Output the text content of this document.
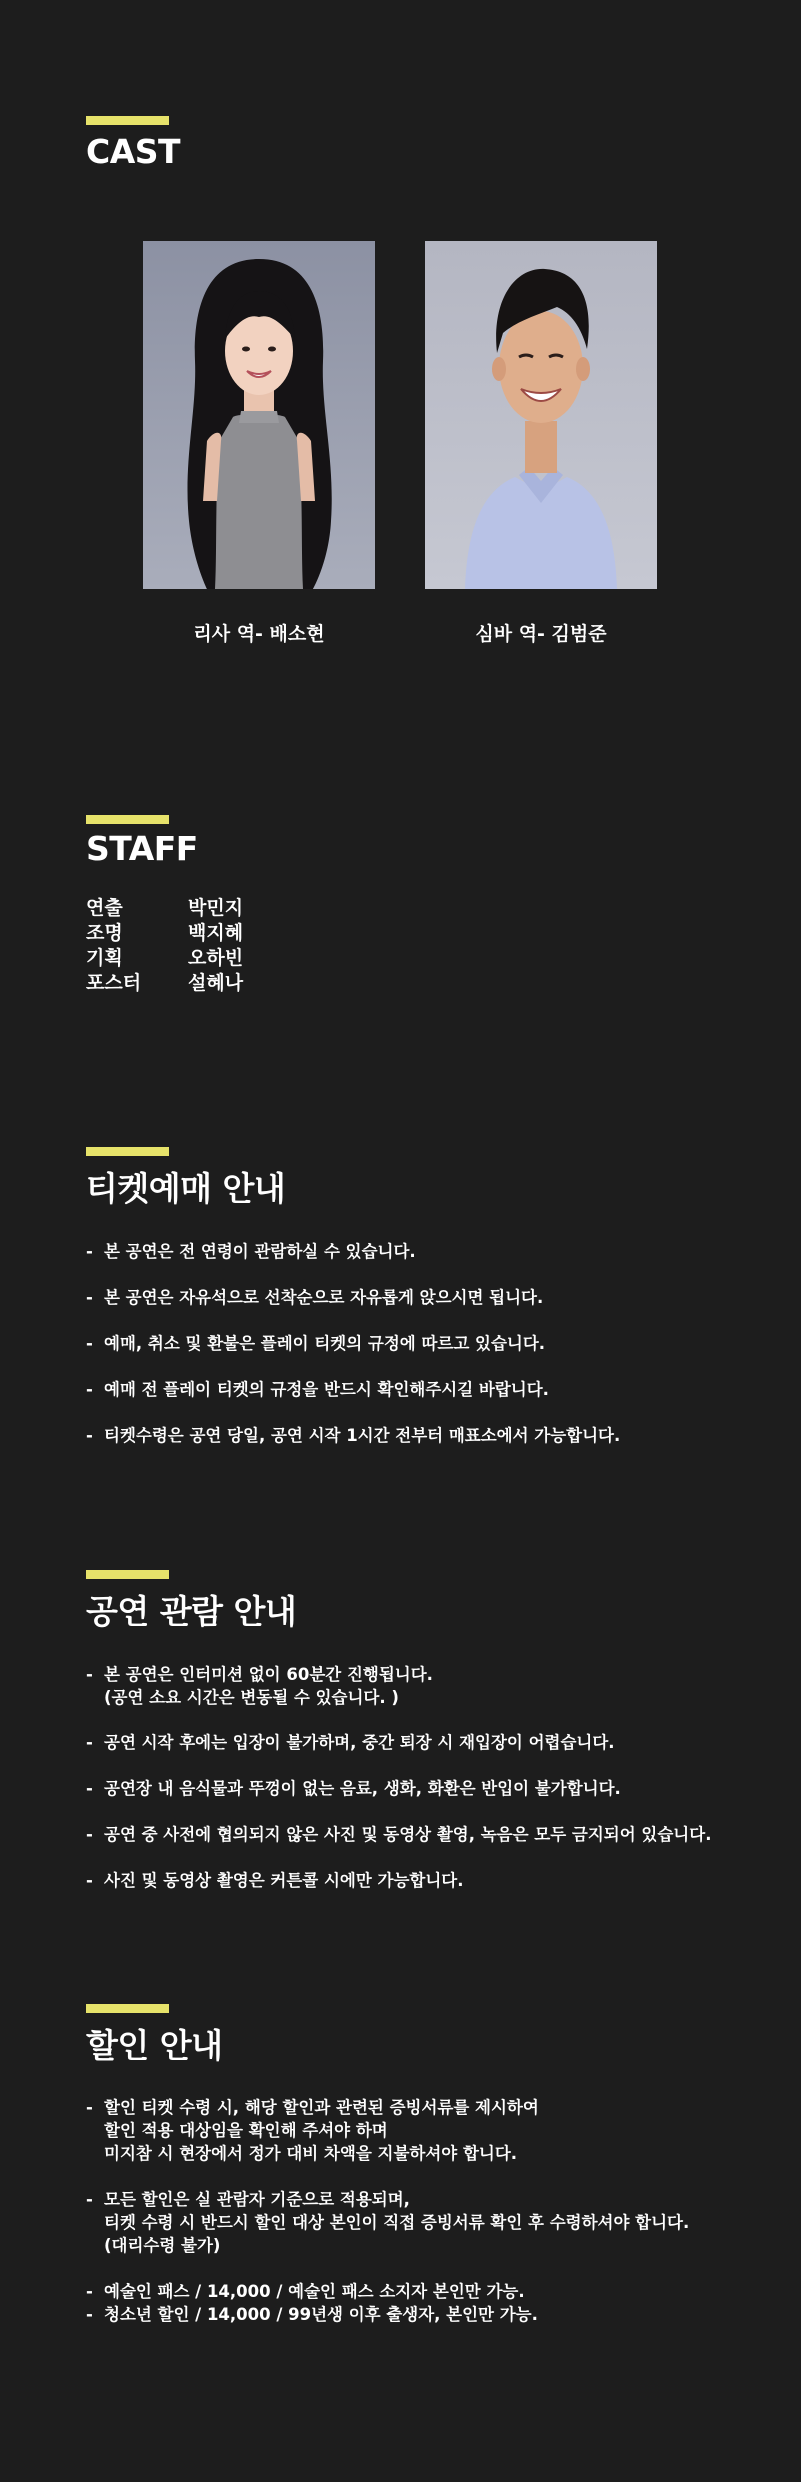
CAST
리사 역- 배소현	심바 역- 김범준
STAFF
연출	박민지
조명	백지혜
기획	오하빈
포스터	설혜나
티켓예매 안내
- 본 공연은 전 연령이 관람하실 수 있습니다.
- 본 공연은 자유석으로 선착순으로 자유롭게 앉으시면 됩니다.
- 예매, 취소 및 환불은 플레이 티켓의 규정에 따르고 있습니다.
- 예매 전 플레이 티켓의 규정을 반드시 확인해주시길 바랍니다.
- 티켓수령은 공연 당일, 공연 시작 1시간 전부터 매표소에서 가능합니다.
공연 관람 안내
- 본 공연은 인터미션 없이 60분간 진행됩니다.
(공연 소요 시간은 변동될 수 있습니다. )
- 공연 시작 후에는 입장이 불가하며, 중간 퇴장 시 재입장이 어렵습니다.
- 공연장 내 음식물과 뚜껑이 없는 음료, 생화, 화환은 반입이 불가합니다.
- 공연 중 사전에 협의되지 않은 사진 및 동영상 촬영, 녹음은 모두 금지되어 있습니다.
- 사진 및 동영상 촬영은 커튼콜 시에만 가능합니다.
할인 안내
- 할인 티켓 수령 시, 해당 할인과 관련된 증빙서류를 제시하여
할인 적용 대상임을 확인해 주셔야 하며
미지참 시 현장에서 정가 대비 차액을 지불하셔야 합니다.
- 모든 할인은 실 관람자 기준으로 적용되며,
티켓 수령 시 반드시 할인 대상 본인이 직접 증빙서류 확인 후 수령하셔야 합니다.
(대리수령 불가)
- 예술인 패스 / 14,000 / 예술인 패스 소지자 본인만 가능.
- 청소년 할인 / 14,000 / 99년생 이후 출생자, 본인만 가능.
